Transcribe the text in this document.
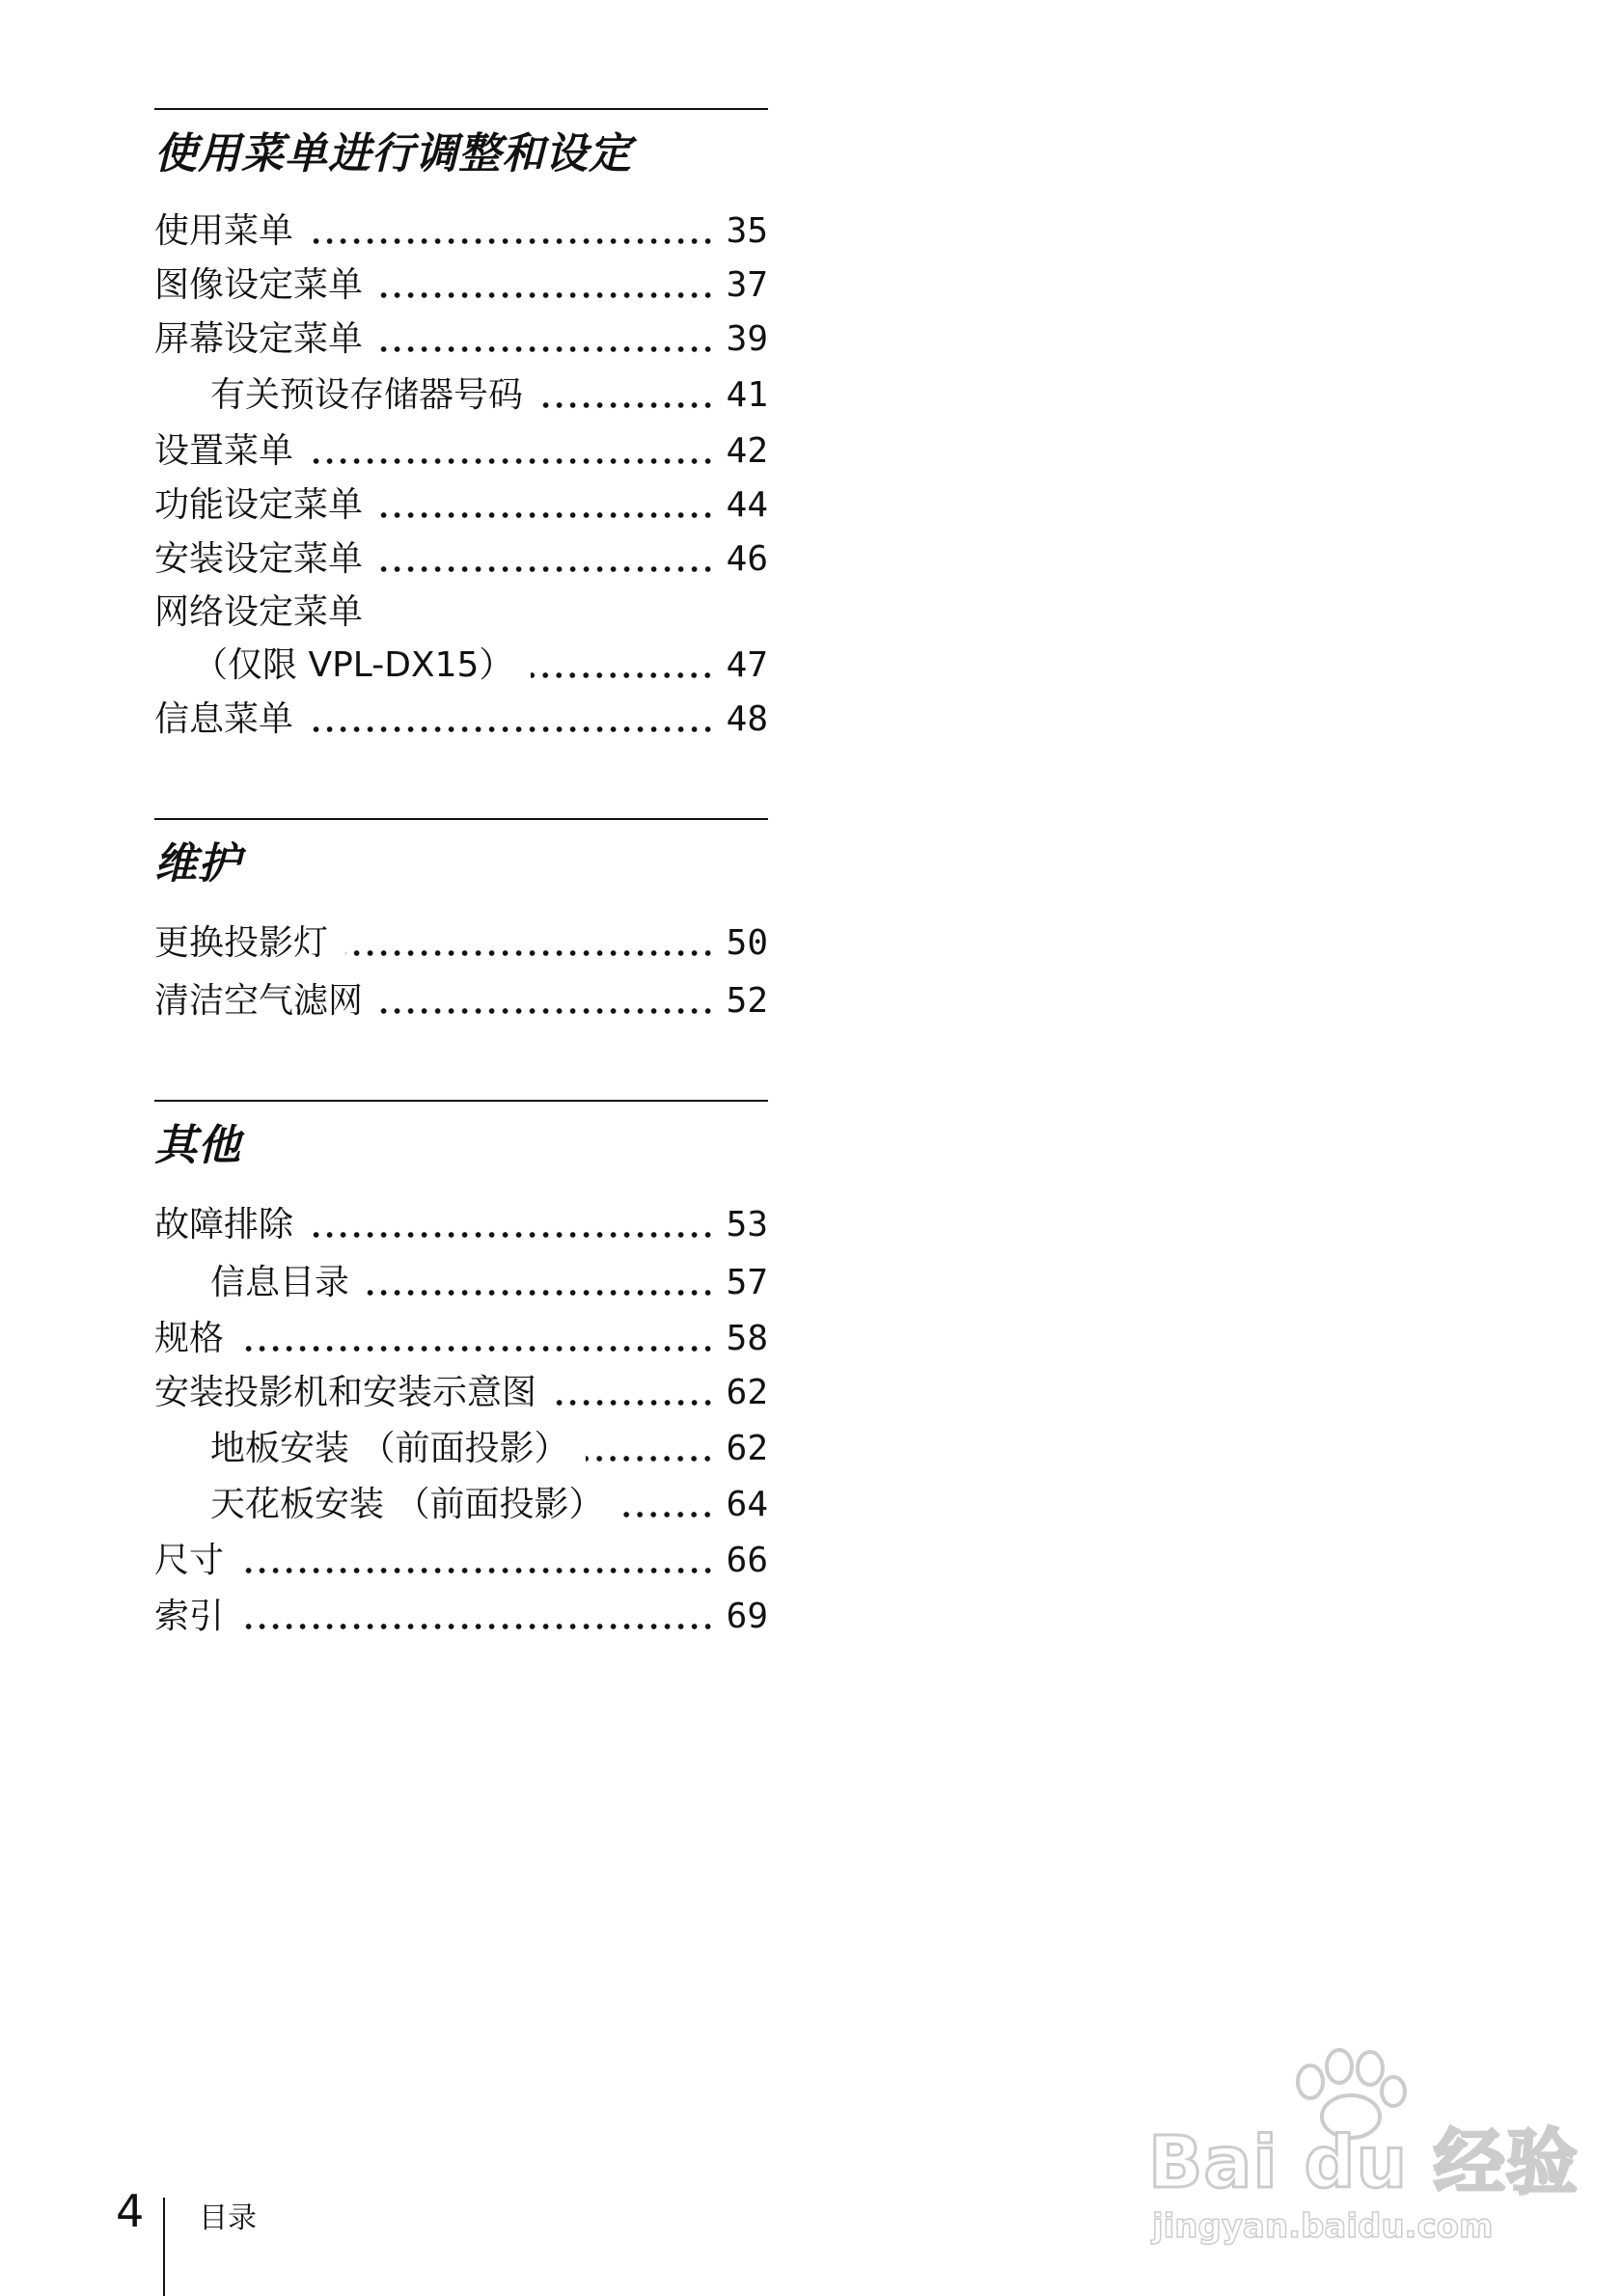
使用菜单进行调整和设定
使用菜单	35
图像设定菜单	37
屏幕设定菜单	39
有关预设存储器号码	41
设置菜单	42
功能设定菜单	44
安装设定菜单	46
网络设定菜单
（仅限 VPL-DX15）	47
信息菜单	48
维护
更换投影灯	50
清洁空气滤网	52
其他
故障排除	53
信息目录	57
规格	58
安装投影机和安装示意图	62
地板安装 （前面投影）	62
天花板安装 （前面投影）	64
尺寸	66
索引	69
4 目录
Bai du 经验
jingyan.baidu.com
